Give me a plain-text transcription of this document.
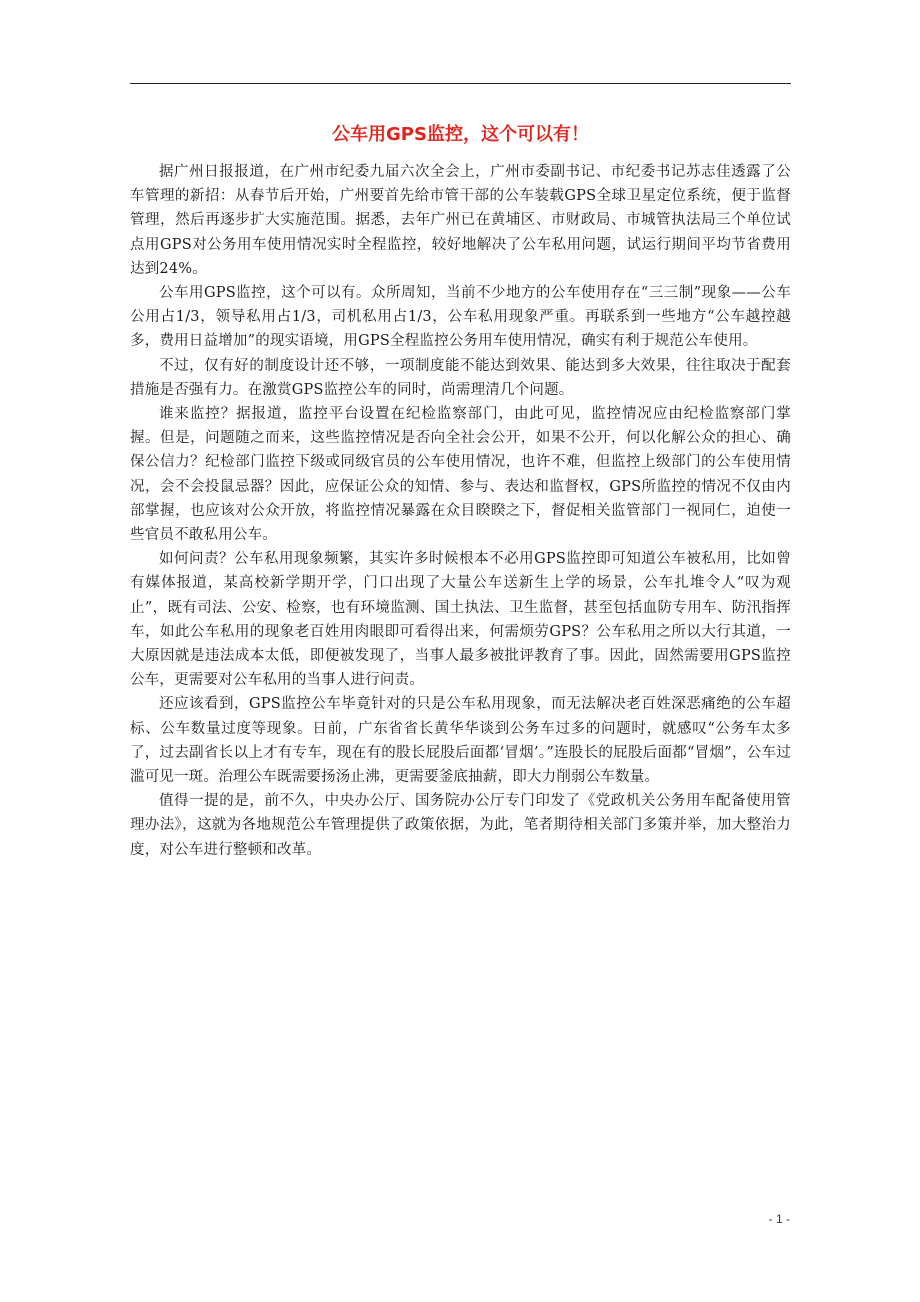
公车用GPS监控，这个可以有！

据广州日报报道，在广州市纪委九届六次全会上，广州市委副书记、市纪委书记苏志佳透露了公车管理的新招：从春节后开始，广州要首先给市管干部的公车装载GPS全球卫星定位系统，便于监督管理，然后再逐步扩大实施范围。据悉，去年广州已在黄埔区、市财政局、市城管执法局三个单位试点用GPS对公务用车使用情况实时全程监控，较好地解决了公车私用问题，试运行期间平均节省费用达到24%。

公车用GPS监控，这个可以有。众所周知，当前不少地方的公车使用存在“三三制”现象——公车公用占1/3，领导私用占1/3，司机私用占1/3，公车私用现象严重。再联系到一些地方“公车越控越多，费用日益增加”的现实语境，用GPS全程监控公务用车使用情况，确实有利于规范公车使用。

不过，仅有好的制度设计还不够，一项制度能不能达到效果、能达到多大效果，往往取决于配套措施是否强有力。在激赏GPS监控公车的同时，尚需理清几个问题。

谁来监控？据报道，监控平台设置在纪检监察部门，由此可见，监控情况应由纪检监察部门掌握。但是，问题随之而来，这些监控情况是否向全社会公开，如果不公开，何以化解公众的担心、确保公信力？纪检部门监控下级或同级官员的公车使用情况，也许不难，但监控上级部门的公车使用情况，会不会投鼠忌器？因此，应保证公众的知情、参与、表达和监督权，GPS所监控的情况不仅由内部掌握，也应该对公众开放，将监控情况暴露在众目睽睽之下，督促相关监管部门一视同仁，迫使一些官员不敢私用公车。

如何问责？公车私用现象频繁，其实许多时候根本不必用GPS监控即可知道公车被私用，比如曾有媒体报道，某高校新学期开学，门口出现了大量公车送新生上学的场景，公车扎堆令人“叹为观止”，既有司法、公安、检察，也有环境监测、国土执法、卫生监督，甚至包括血防专用车、防汛指挥车，如此公车私用的现象老百姓用肉眼即可看得出来，何需烦劳GPS？公车私用之所以大行其道，一大原因就是违法成本太低，即便被发现了，当事人最多被批评教育了事。因此，固然需要用GPS监控公车，更需要对公车私用的当事人进行问责。

还应该看到，GPS监控公车毕竟针对的只是公车私用现象，而无法解决老百姓深恶痛绝的公车超标、公车数量过度等现象。日前，广东省省长黄华华谈到公务车过多的问题时，就感叹“公务车太多了，过去副省长以上才有专车，现在有的股长屁股后面都‘冒烟’。”连股长的屁股后面都“冒烟”，公车过滥可见一斑。治理公车既需要扬汤止沸，更需要釜底抽薪，即大力削弱公车数量。

值得一提的是，前不久，中央办公厅、国务院办公厅专门印发了《党政机关公务用车配备使用管理办法》，这就为各地规范公车管理提供了政策依据，为此，笔者期待相关部门多策并举，加大整治力度，对公车进行整顿和改革。

- 1 -
